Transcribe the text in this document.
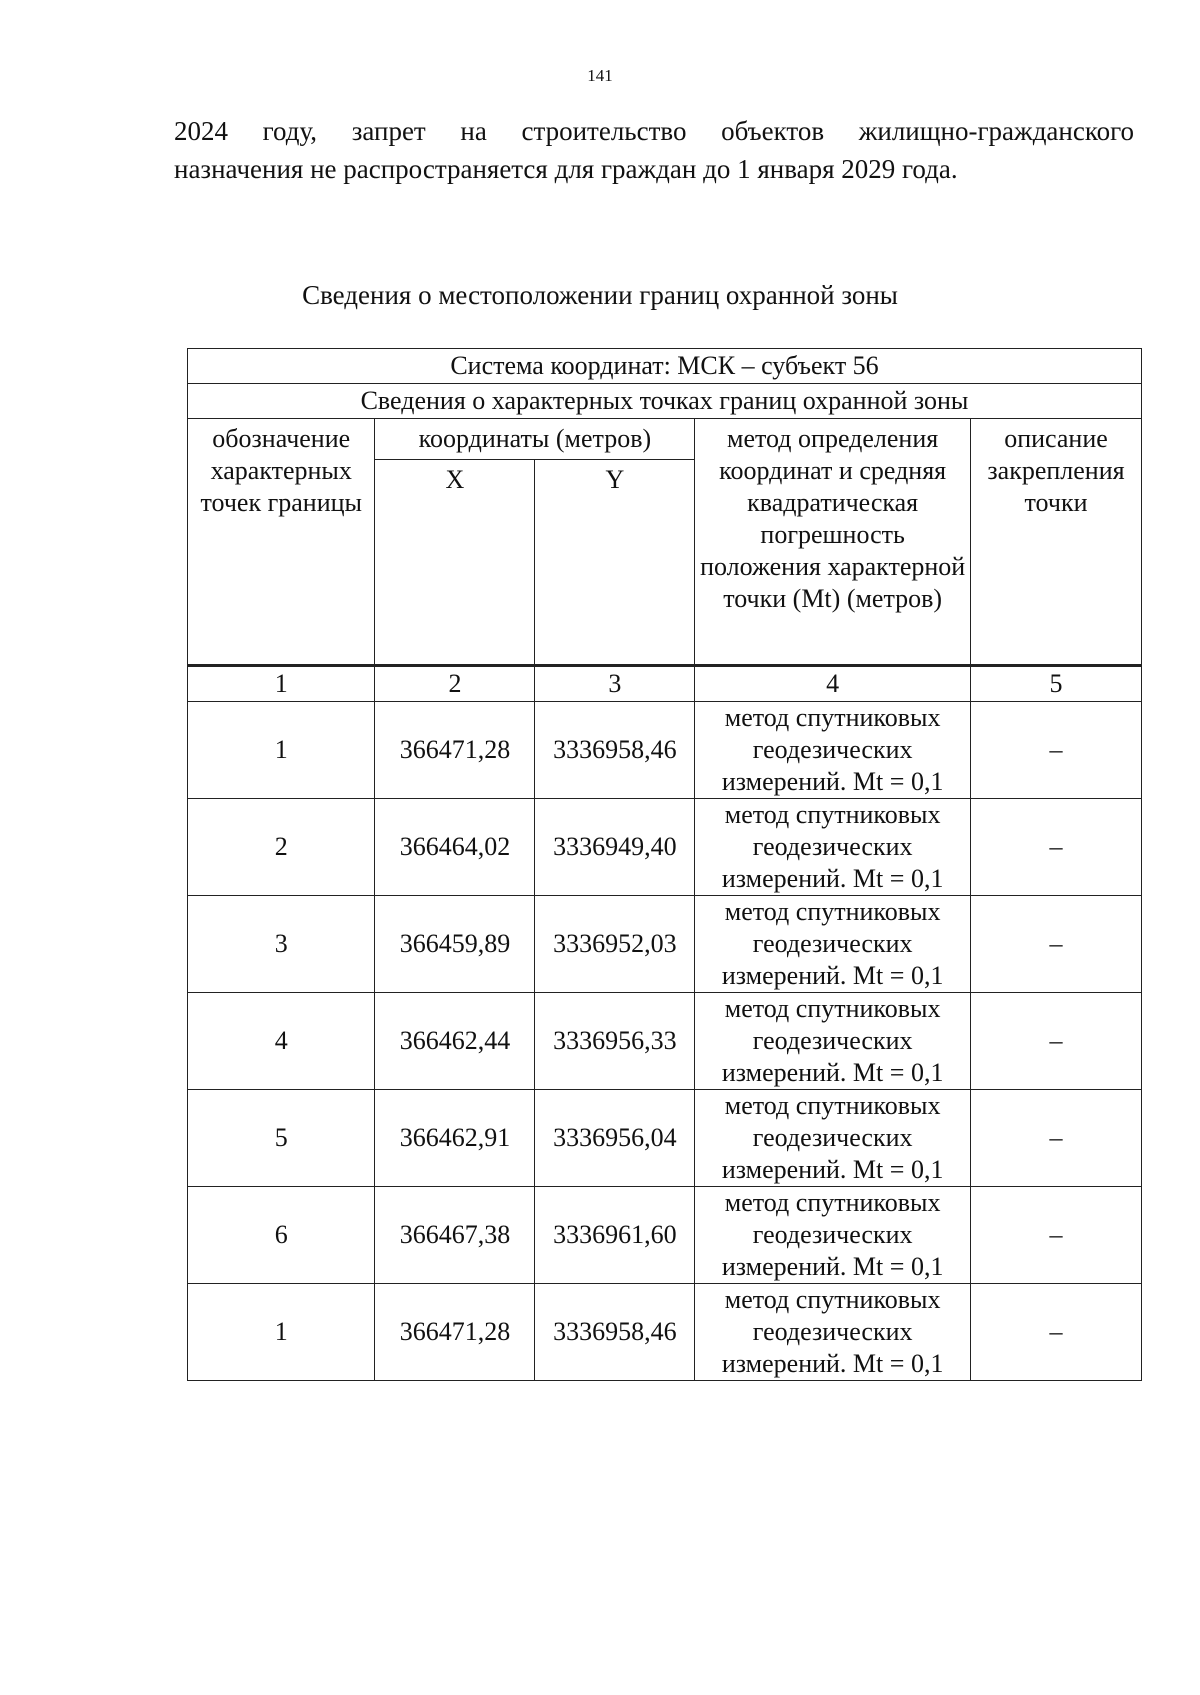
141
2024 году, запрет на строительство объектов жилищно-гражданского
назначения не распространяется для граждан до 1 января 2029 года.
Сведения о местоположении границ охранной зоны
Система координат: МСК – субъект 56				
Сведения о характерных точках границ охранной зоны				
обозначение характерных точек границы	координаты (метров)		метод определения координат и средняя квадратическая погрешность положения характерной точки (Mt) (метров)	описание закрепления точки
	X	Y		
1	2	3	4	5
1	366471,28	3336958,46	метод спутниковых
геодезических
измерений. Mt = 0,1	–
2	366464,02	3336949,40	метод спутниковых
геодезических
измерений. Mt = 0,1	–
3	366459,89	3336952,03	метод спутниковых
геодезических
измерений. Mt = 0,1	–
4	366462,44	3336956,33	метод спутниковых
геодезических
измерений. Mt = 0,1	–
5	366462,91	3336956,04	метод спутниковых
геодезических
измерений. Mt = 0,1	–
6	366467,38	3336961,60	метод спутниковых
геодезических
измерений. Mt = 0,1	–
1	366471,28	3336958,46	метод спутниковых
геодезических
измерений. Mt = 0,1	–
